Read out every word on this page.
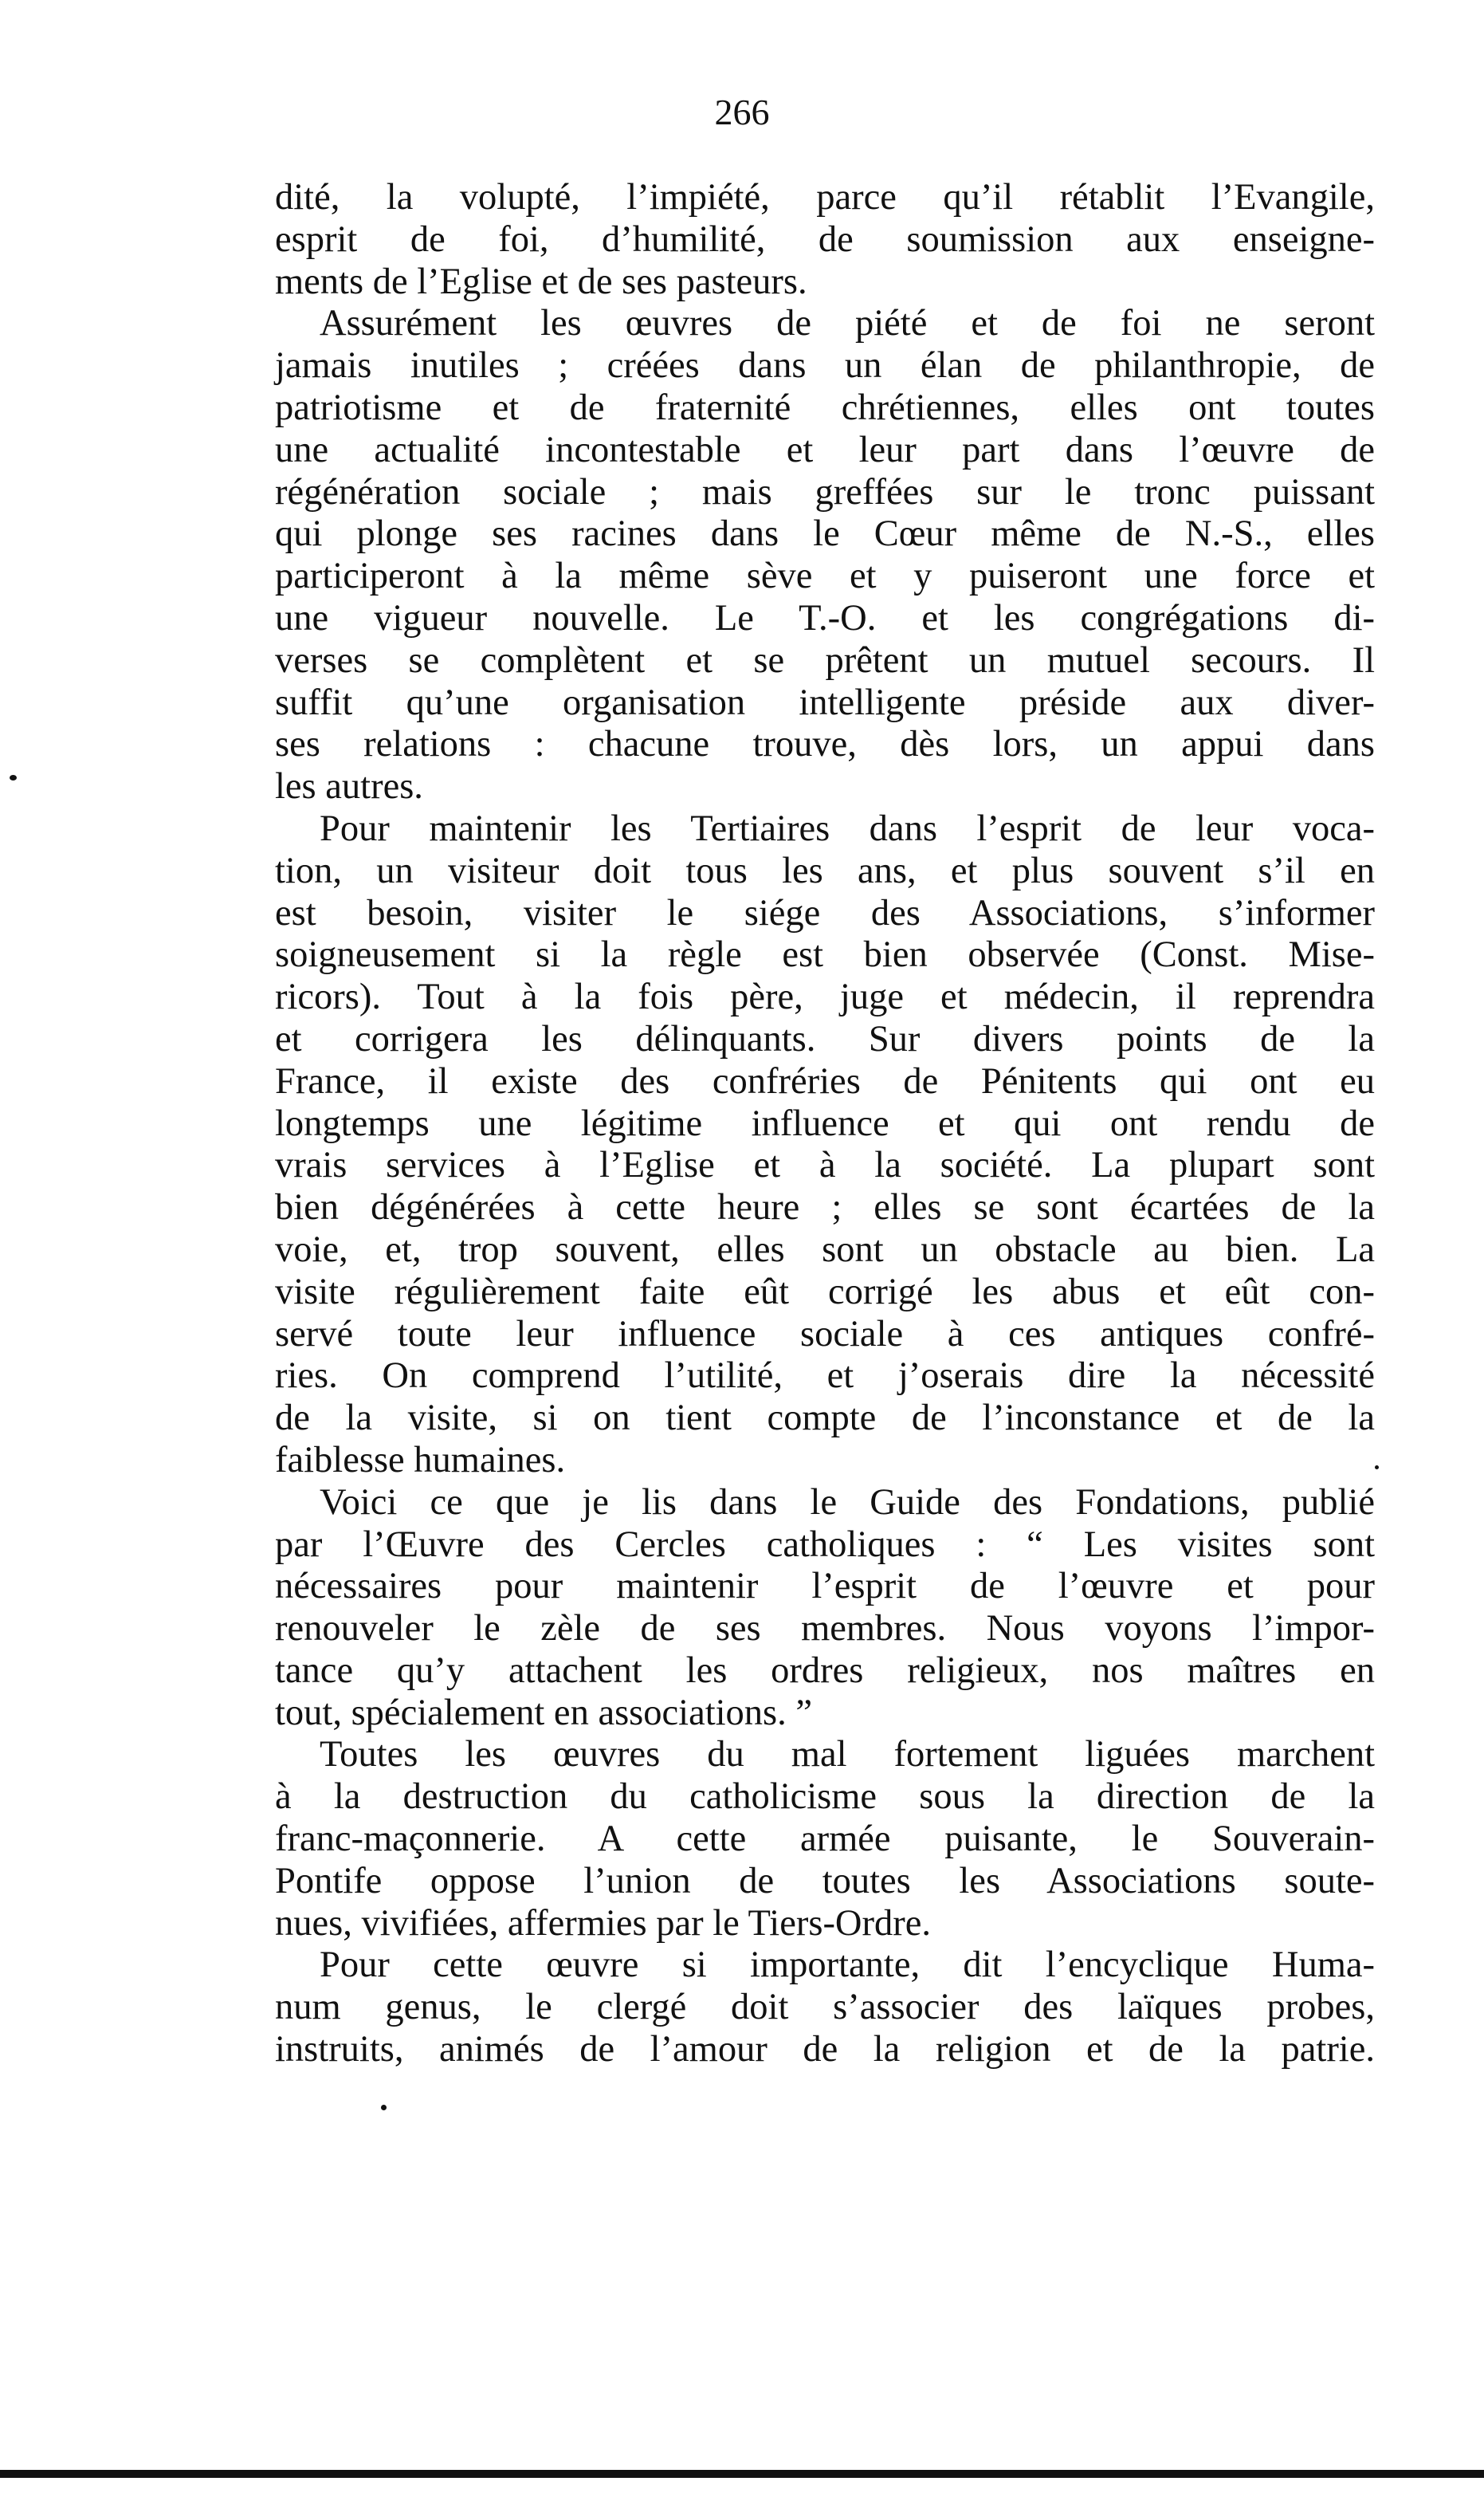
266
dité, la volupté, l’impiété, parce qu’il rétablit l’Evangile,
esprit de foi, d’humilité, de soumission aux enseigne-
ments de l’Eglise et de ses pasteurs.
Assurément les œuvres de piété et de foi ne seront
jamais inutiles ; créées dans un élan de philanthropie, de
patriotisme et de fraternité chrétiennes, elles ont toutes
une actualité incontestable et leur part dans l’œuvre de
régénération sociale ; mais greffées sur le tronc puissant
qui plonge ses racines dans le Cœur même de N.-S., elles
participeront à la même sève et y puiseront une force et
une vigueur nouvelle. Le T.-O. et les congrégations di-
verses se complètent et se prêtent un mutuel secours. Il
suffit qu’une organisation intelligente préside aux diver-
ses relations : chacune trouve, dès lors, un appui dans
les autres.
Pour maintenir les Tertiaires dans l’esprit de leur voca-
tion, un visiteur doit tous les ans, et plus souvent s’il en
est besoin, visiter le siége des Associations, s’informer
soigneusement si la règle est bien observée (Const. Mise-
ricors). Tout à la fois père, juge et médecin, il reprendra
et corrigera les délinquants. Sur divers points de la
France, il existe des confréries de Pénitents qui ont eu
longtemps une légitime influence et qui ont rendu de
vrais services à l’Eglise et à la société. La plupart sont
bien dégénérées à cette heure ; elles se sont écartées de la
voie, et, trop souvent, elles sont un obstacle au bien. La
visite régulièrement faite eût corrigé les abus et eût con-
servé toute leur influence sociale à ces antiques confré-
ries. On comprend l’utilité, et j’oserais dire la nécessité
de la visite, si on tient compte de l’inconstance et de la
faiblesse humaines.
Voici ce que je lis dans le Guide des Fondations, publié
par l’Œuvre des Cercles catholiques : “ Les visites sont
nécessaires pour maintenir l’esprit de l’œuvre et pour
renouveler le zèle de ses membres. Nous voyons l’impor-
tance qu’y attachent les ordres religieux, nos maîtres en
tout, spécialement en associations. ”
Toutes les œuvres du mal fortement liguées marchent
à la destruction du catholicisme sous la direction de la
franc-maçonnerie. A cette armée puisante, le Souverain-
Pontife oppose l’union de toutes les Associations soute-
nues, vivifiées, affermies par le Tiers-Ordre.
Pour cette œuvre si importante, dit l’encyclique Huma-
num genus, le clergé doit s’associer des laïques probes,
instruits, animés de l’amour de la religion et de la patrie.
